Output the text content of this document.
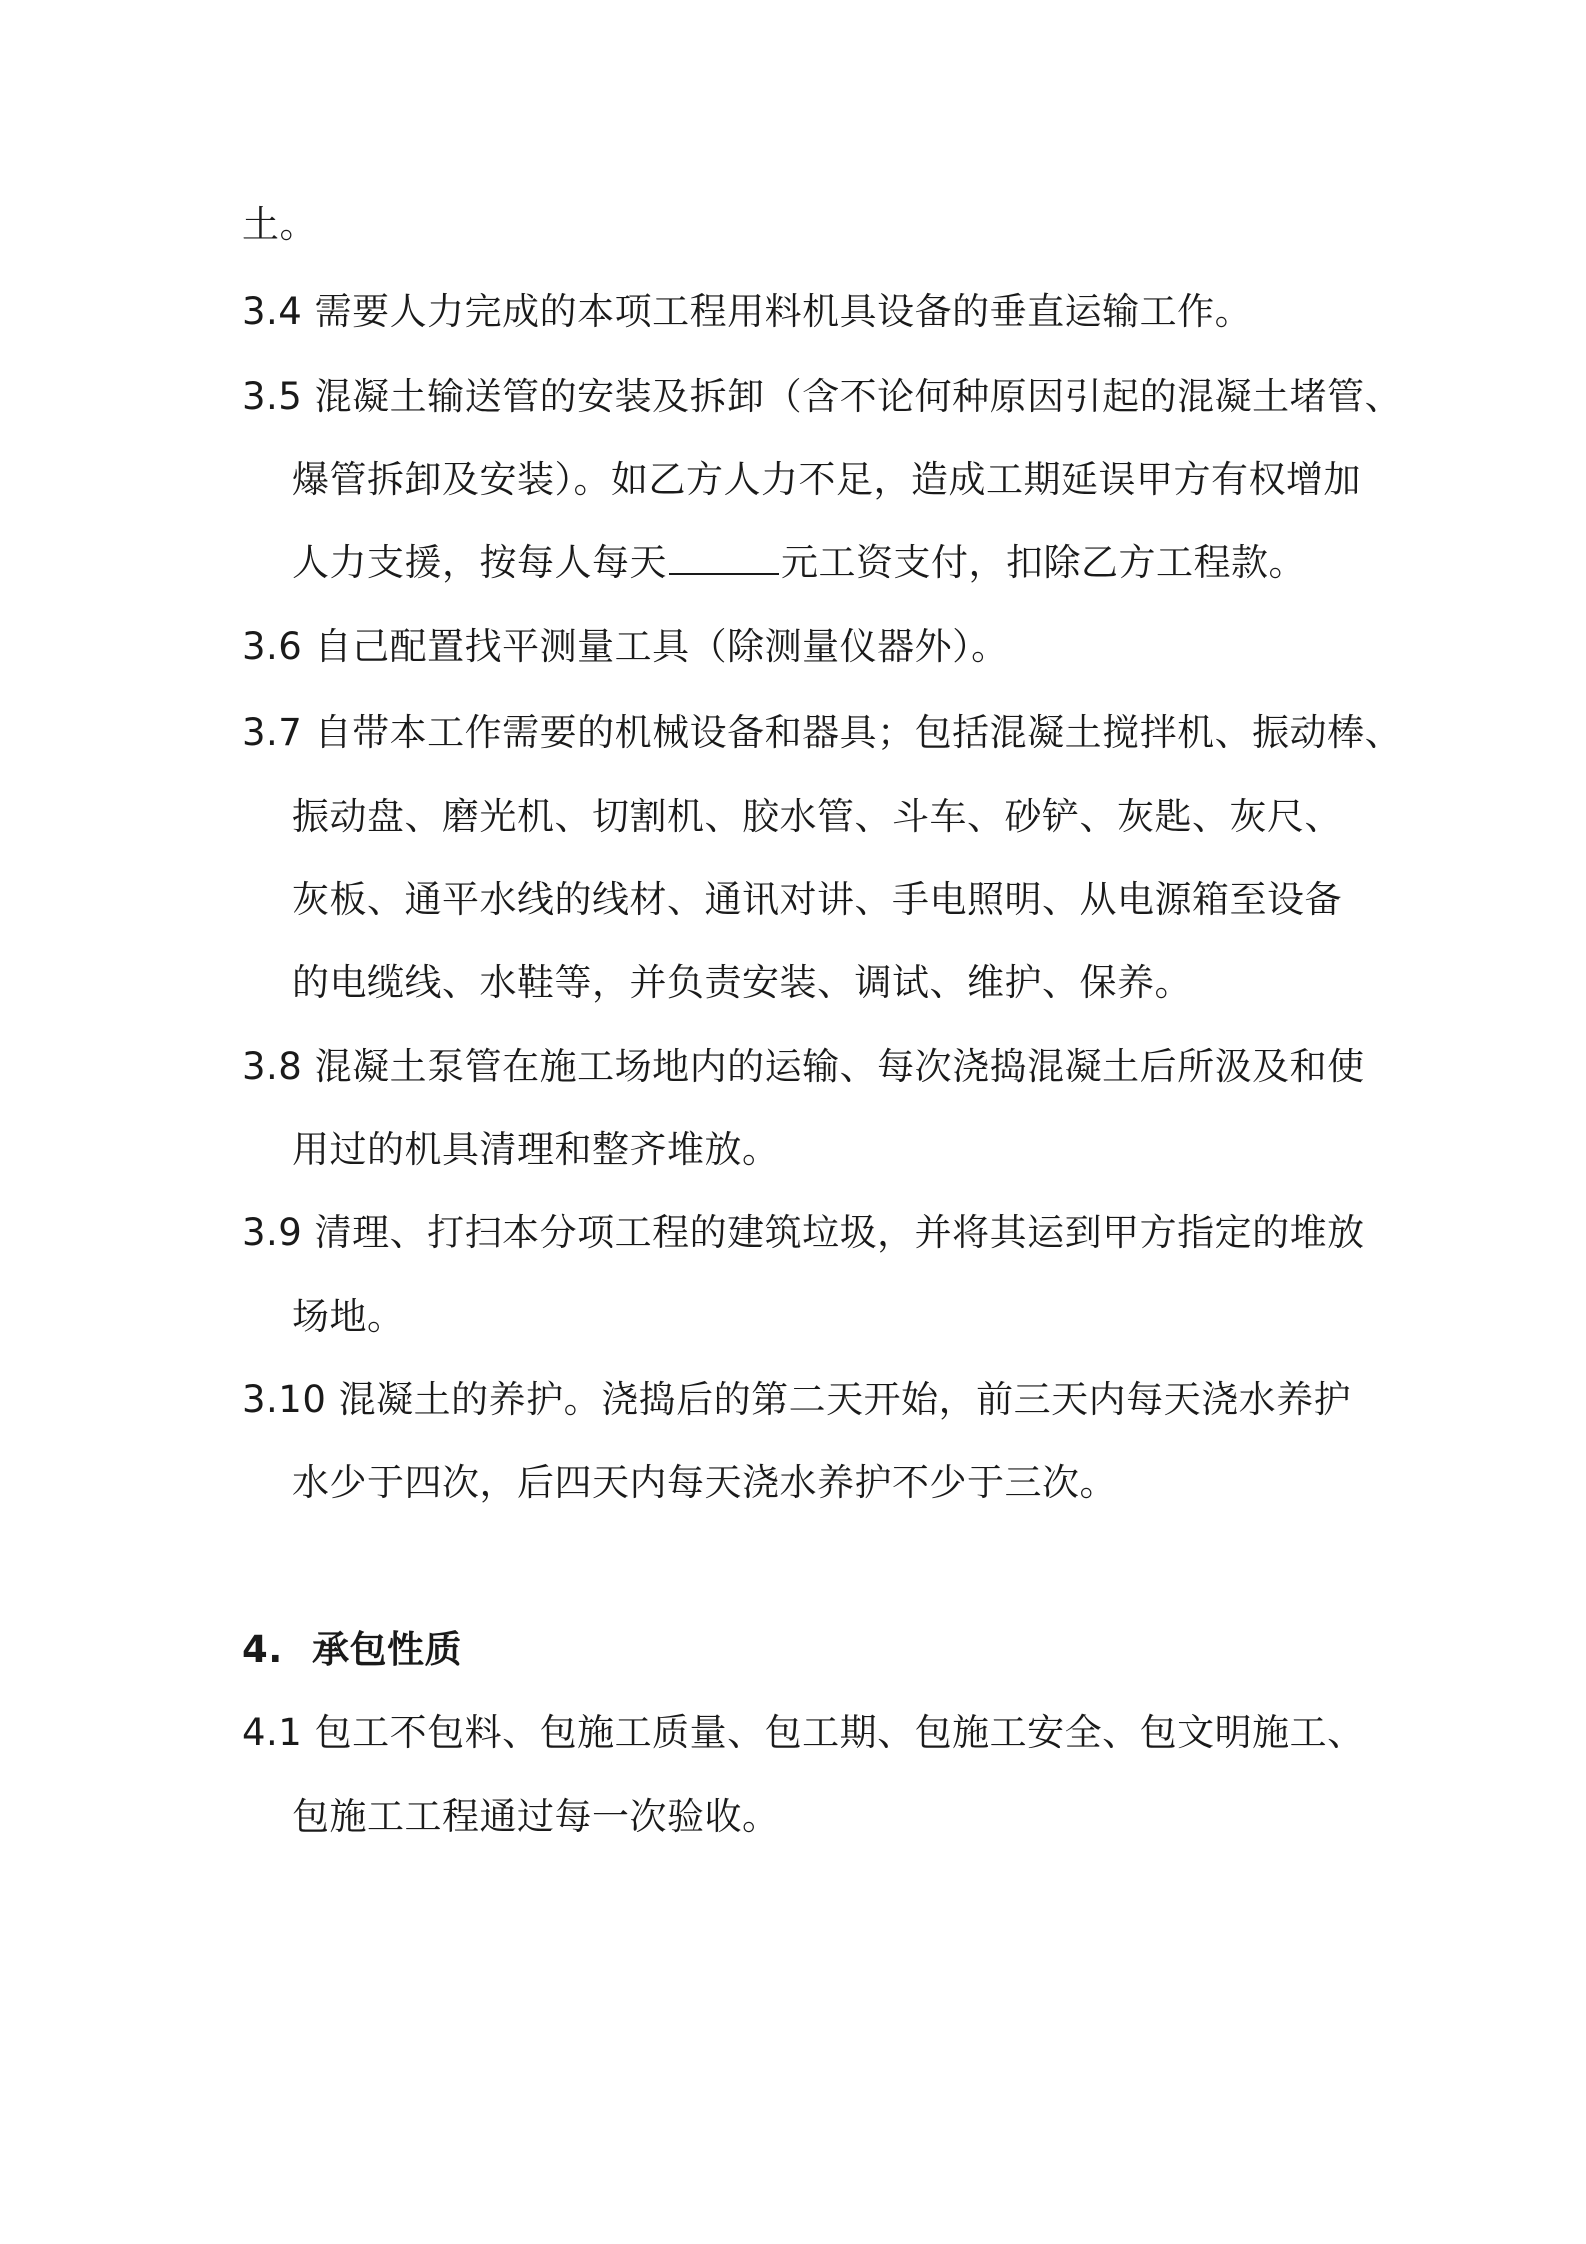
土。
3.4 需要人力完成的本项工程用料机具设备的垂直运输工作。
3.5 混凝土输送管的安装及拆卸（含不论何种原因引起的混凝土堵管、
爆管拆卸及安装）。如乙方人力不足，造成工期延误甲方有权增加
人力支援，按每人每天	元工资支付，扣除乙方工程款。
3.6 自己配置找平测量工具（除测量仪器外）。
3.7 自带本工作需要的机械设备和器具；包括混凝土搅拌机、振动棒、
振动盘、磨光机、切割机、胶水管、斗车、砂铲、灰匙、灰尺、
灰板、通平水线的线材、通讯对讲、手电照明、从电源箱至设备
的电缆线、水鞋等，并负责安装、调试、维护、保养。
3.8 混凝土泵管在施工场地内的运输、每次浇捣混凝土后所汲及和使
用过的机具清理和整齐堆放。
3.9 清理、打扫本分项工程的建筑垃圾，并将其运到甲方指定的堆放
场地。
3.10 混凝土的养护。浇捣后的第二天开始，前三天内每天浇水养护
水少于四次，后四天内每天浇水养护不少于三次。
4. 承包性质
4.1 包工不包料、包施工质量、包工期、包施工安全、包文明施工、
包施工工程通过每一次验收。
